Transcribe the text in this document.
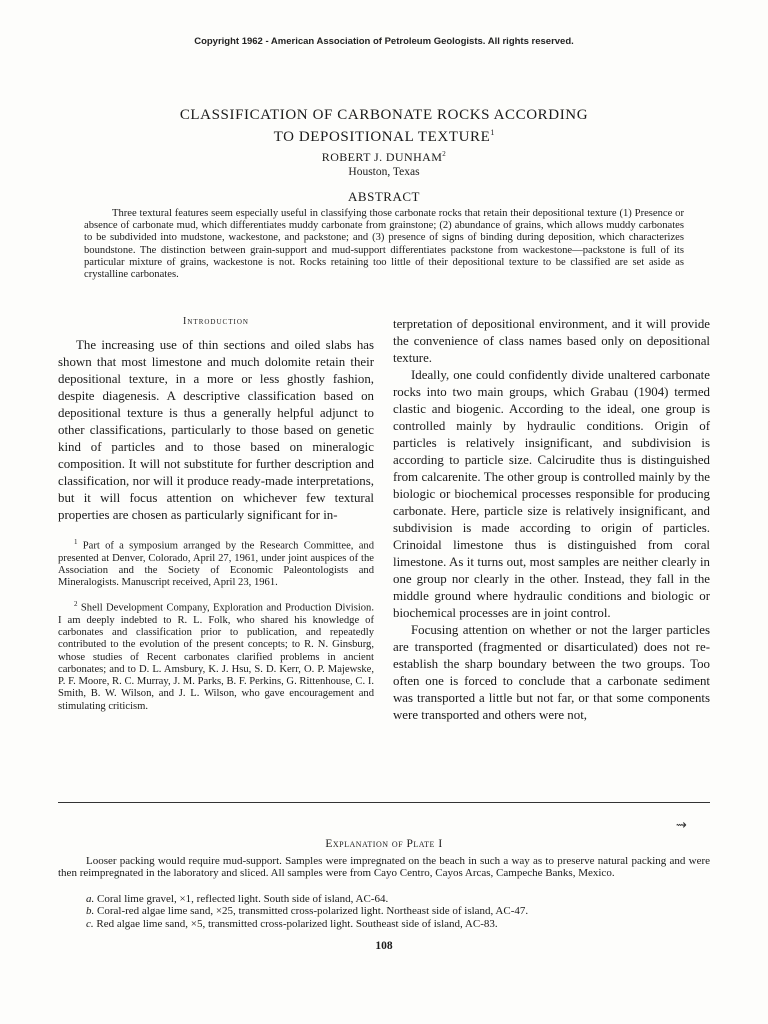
Copyright 1962 - American Association of Petroleum Geologists. All rights reserved.
CLASSIFICATION OF CARBONATE ROCKS ACCORDING
TO DEPOSITIONAL TEXTURE$^1$
ROBERT J. DUNHAM$^2$
Houston, Texas
ABSTRACT

Three textural features seem especially useful in classifying those carbonate rocks that retain their depositional texture (1) Presence or absence of carbonate mud, which differentiates muddy carbonate from grainstone; (2) abundance of grains, which allows muddy carbonates to be subdivided into mudstone, wackestone, and packstone; and (3) presence of signs of binding during deposition, which characterizes boundstone. The distinction between grain-support and mud-support differentiates packstone from wackestone—packstone is full of its particular mixture of grains, wackestone is not. Rocks retaining too little of their depositional texture to be classified are set aside as crystalline carbonates.

Introduction

The increasing use of thin sections and oiled slabs has shown that most limestone and much dolomite retain their depositional texture, in a more or less ghostly fashion, despite diagenesis. A descriptive classification based on depositional texture is thus a generally helpful adjunct to other classifications, particularly to those based on genetic kind of particles and to those based on mineralogic composition. It will not substitute for further description and classification, nor will it produce ready-made interpretations, but it will focus attention on whichever few textural properties are chosen as particularly significant for in-

$^1$ Part of a symposium arranged by the Research Committee, and presented at Denver, Colorado, April 27, 1961, under joint auspices of the Association and the Society of Economic Paleontologists and Mineralogists. Manuscript received, April 23, 1961.

$^2$ Shell Development Company, Exploration and Production Division. I am deeply indebted to R. L. Folk, who shared his knowledge of carbonates and classification prior to publication, and repeatedly contributed to the evolution of the present concepts; to R. N. Ginsburg, whose studies of Recent carbonates clarified problems in ancient carbonates; and to D. L. Amsbury, K. J. Hsu, S. D. Kerr, O. P. Majewske, P. F. Moore, R. C. Murray, J. M. Parks, B. F. Perkins, G. Rittenhouse, C. I. Smith, B. W. Wilson, and J. L. Wilson, who gave encouragement and stimulating criticism.

terpretation of depositional environment, and it will provide the convenience of class names based only on depositional texture.

Ideally, one could confidently divide unaltered carbonate rocks into two main groups, which Grabau (1904) termed clastic and biogenic. According to the ideal, one group is controlled mainly by hydraulic conditions. Origin of particles is relatively insignificant, and subdivision is according to particle size. Calcirudite thus is distinguished from calcarenite. The other group is controlled mainly by the biologic or biochemical processes responsible for producing carbonate. Here, particle size is relatively insignificant, and subdivision is made according to origin of particles. Crinoidal limestone thus is distinguished from coral limestone. As it turns out, most samples are neither clearly in one group nor clearly in the other. Instead, they fall in the middle ground where hydraulic conditions and biologic or biochemical processes are in joint control.

Focusing attention on whether or not the larger particles are transported (fragmented or disarticulated) does not re-establish the sharp boundary between the two groups. Too often one is forced to conclude that a carbonate sediment was transported a little but not far, or that some components were transported and others were not,

⇝
Explanation of Plate I

Looser packing would require mud-support. Samples were impregnated on the beach in such a way as to preserve natural packing and were then reimpregnated in the laboratory and sliced. All samples were from Cayo Centro, Cayos Arcas, Campeche Banks, Mexico.

a. Coral lime gravel, ×1, reflected light. South side of island, AC-64.
b. Coral-red algae lime sand, ×25, transmitted cross-polarized light. Northeast side of island, AC-47.
c. Red algae lime sand, ×5, transmitted cross-polarized light. Southeast side of island, AC-83.
108
